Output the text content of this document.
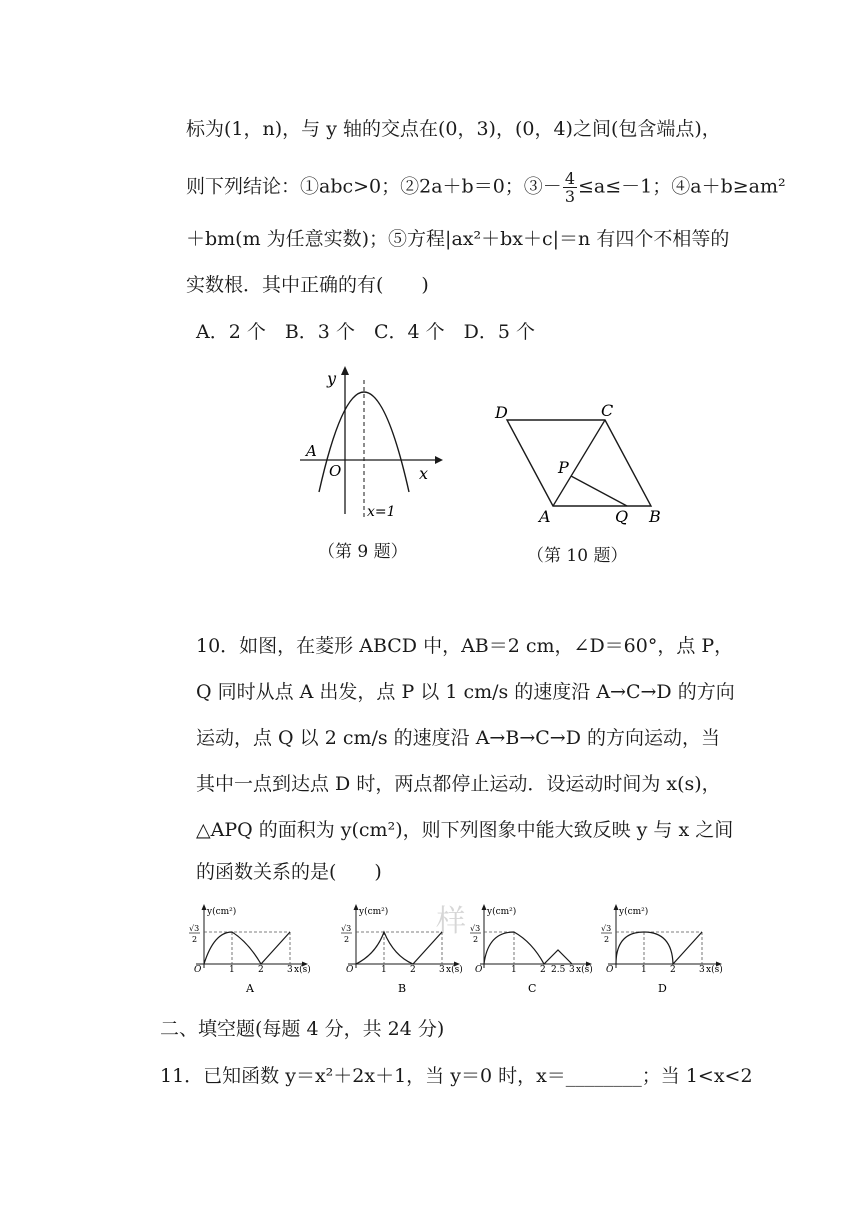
标为(1，n)，与 y 轴的交点在(0，3)，(0，4)之间(包含端点)，
则下列结论：①abc>0；②2a＋b＝0；③－ $\frac{4}{3} \le a\le-1$；④a＋b≥am²
＋bm(m 为任意实数)；⑤方程|ax²＋bx＋c|＝n 有四个不相等的
实数根．其中正确的有(　　)
A．2 个　B．3 个　C．4 个　D．5 个
y
x
A
O
x=1
（第 9 题）
D	C
P
A	Q B
（第 10 题）
10．如图，在菱形 ABCD 中，AB＝2 cm，∠D＝60°，点 P，
Q 同时从点 A 出发，点 P 以 1 cm/s 的速度沿 A→C→D 的方向
运动，点 Q 以 2 cm/s 的速度沿 A→B→C→D 的方向运动，当
其中一点到达点 D 时，两点都停止运动．设运动时间为 x(s)，
△APQ 的面积为 y(cm²)，则下列图象中能大致反映 y 与 x 之间
的函数关系的是(　　)
样
y(cm²)
√3
2
O	1	2	3 x(s)
A
y(cm²)
√3
2
O	1	2	3 x(s)
B
y(cm²)
√3
2
O	1	2 2.5 3 x(s)
C
y(cm²)
√3
2
O	1	2	3 x(s)
D
二、填空题(每题 4 分，共 24 分)
11．已知函数 y＝x²＋2x＋1，当 y＝0 时，x＝________；当 1<x<2
